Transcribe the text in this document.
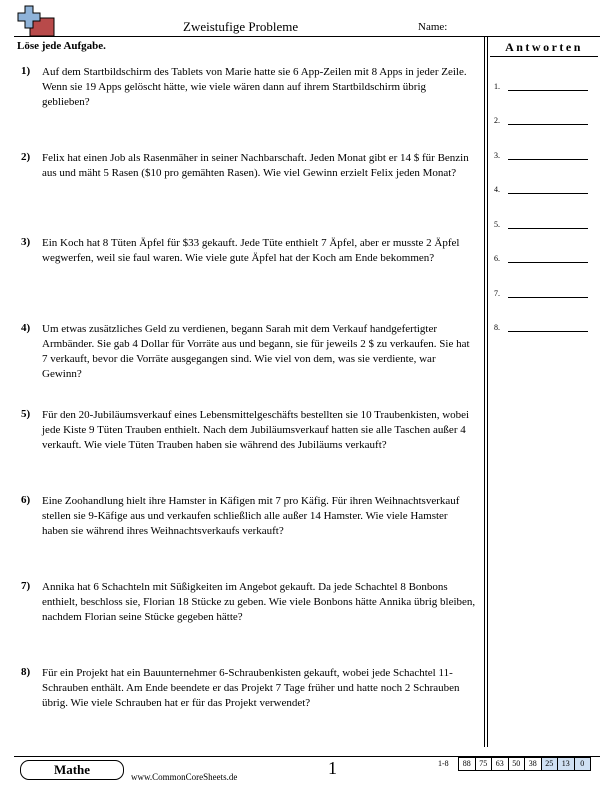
Zweistufige Probleme	Name:
Löse jede Aufgabe.
1) Auf dem Startbildschirm des Tablets von Marie hatte sie 6 App-Zeilen mit 8 Apps in jeder Zeile. Wenn sie 19 Apps gelöscht hätte, wie viele wären dann auf ihrem Startbildschirm übrig geblieben?
2) Felix hat einen Job als Rasenmäher in seiner Nachbarschaft. Jeden Monat gibt er 14 $ für Benzin aus und mäht 5 Rasen ($10 pro gemähten Rasen). Wie viel Gewinn erzielt Felix jeden Monat?
3) Ein Koch hat 8 Tüten Äpfel für $33 gekauft. Jede Tüte enthielt 7 Äpfel, aber er musste 2 Äpfel wegwerfen, weil sie faul waren. Wie viele gute Äpfel hat der Koch am Ende bekommen?
4) Um etwas zusätzliches Geld zu verdienen, begann Sarah mit dem Verkauf handgefertigter Armbänder. Sie gab 4 Dollar für Vorräte aus und begann, sie für jeweils 2 $ zu verkaufen. Sie hat 7 verkauft, bevor die Vorräte ausgegangen sind. Wie viel von dem, was sie verdiente, war Gewinn?
5) Für den 20-Jubiläumsverkauf eines Lebensmittelgeschäfts bestellten sie 10 Traubenkisten, wobei jede Kiste 9 Tüten Trauben enthielt. Nach dem Jubiläumsverkauf hatten sie alle Taschen außer 4 verkauft. Wie viele Tüten Trauben haben sie während des Jubiläums verkauft?
6) Eine Zoohandlung hielt ihre Hamster in Käfigen mit 7 pro Käfig. Für ihren Weihnachtsverkauf stellen sie 9-Käfige aus und verkaufen schließlich alle außer 14 Hamster. Wie viele Hamster haben sie während ihres Weihnachtsverkaufs verkauft?
7) Annika hat 6 Schachteln mit Süßigkeiten im Angebot gekauft. Da jede Schachtel 8 Bonbons enthielt, beschloss sie, Florian 18 Stücke zu geben. Wie viele Bonbons hätte Annika übrig bleiben, nachdem Florian seine Stücke gegeben hätte?
8) Für ein Projekt hat ein Bauunternehmer 6-Schraubenkisten gekauft, wobei jede Schachtel 11-Schrauben enthält. Am Ende beendete er das Projekt 7 Tage früher und hatte noch 2 Schrauben übrig. Wie viele Schrauben hat er für das Projekt verwendet?
Antworten
1.
2.
3.
4.
5.
6.
7.
8.
Mathe	www.CommonCoreSheets.de	1	1-8	88	75	63	50	38	25	13	0
